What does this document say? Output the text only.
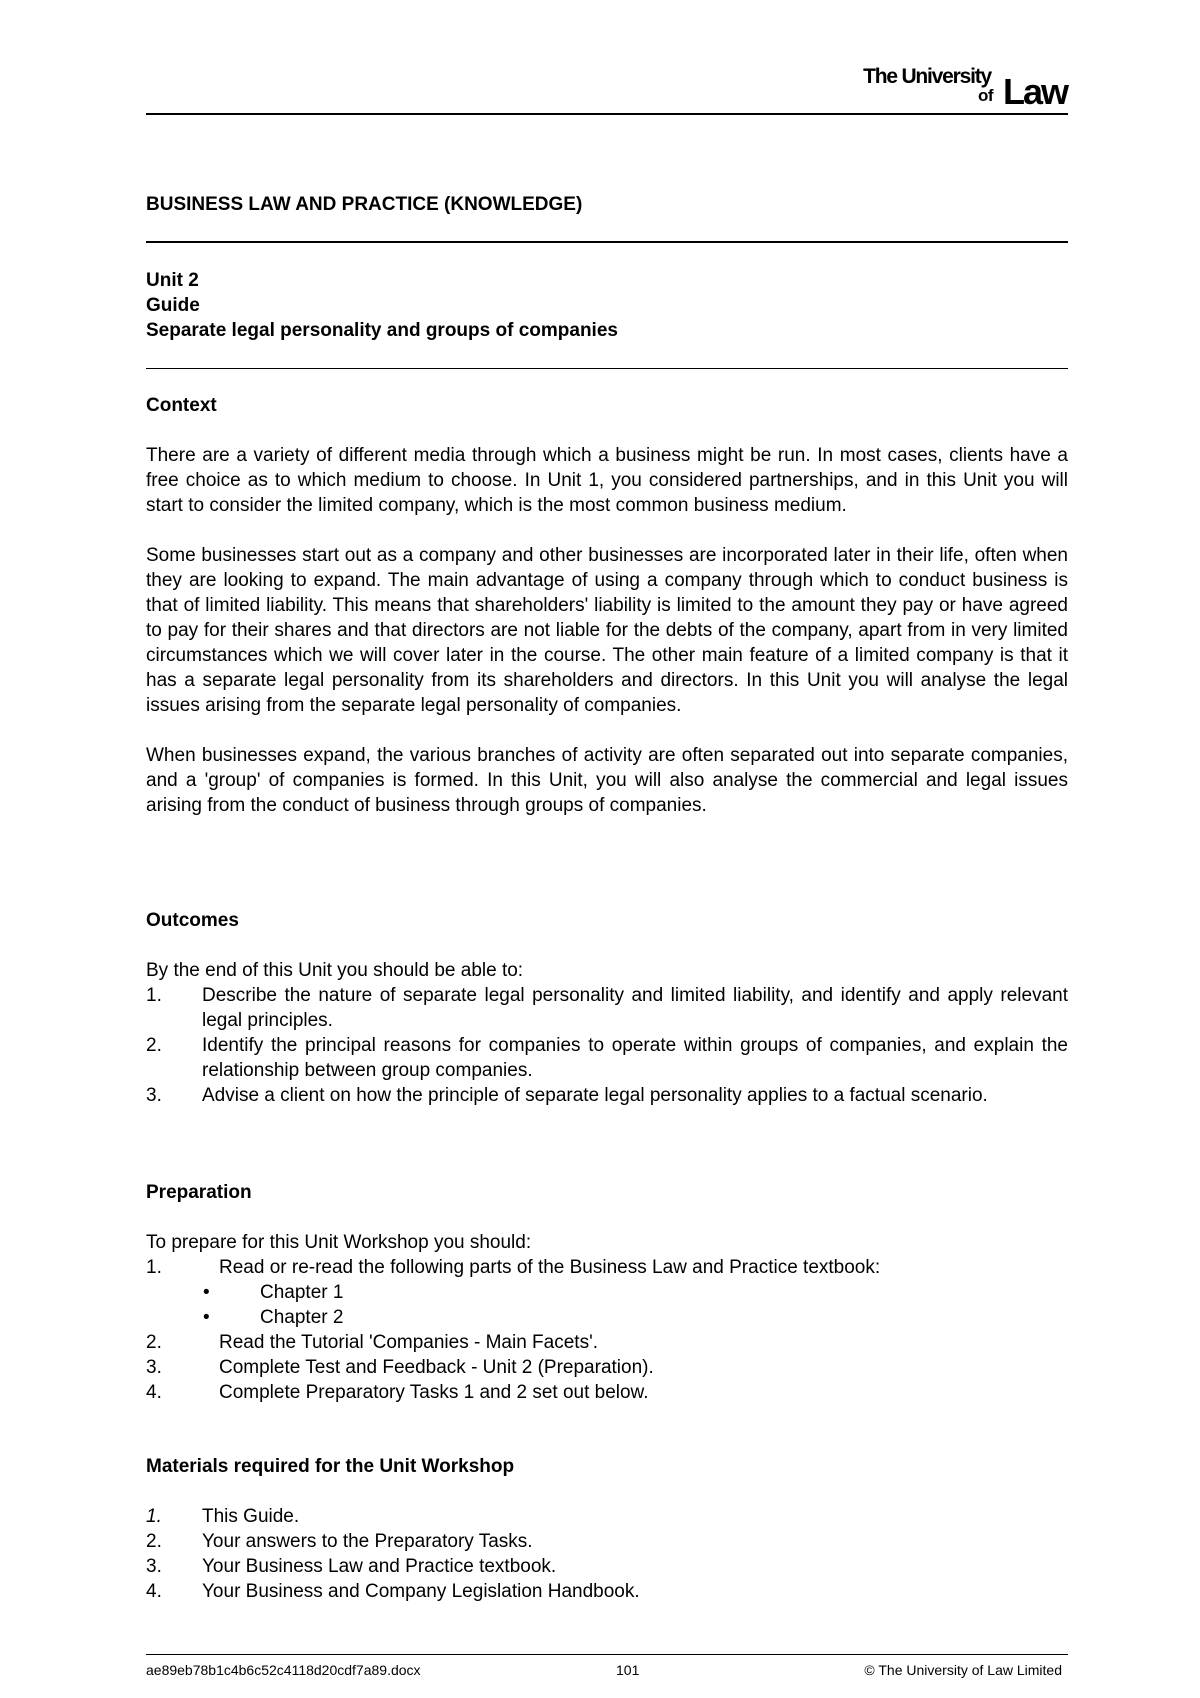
The University
of Law
BUSINESS LAW AND PRACTICE (KNOWLEDGE)
Unit 2
Guide
Separate legal personality and groups of companies
Context

There are a variety of different media through which a business might be run. In most cases, clients have a free choice as to which medium to choose. In Unit 1, you considered partnerships, and in this Unit you will start to consider the limited company, which is the most common business medium.

Some businesses start out as a company and other businesses are incorporated later in their life, often when they are looking to expand. The main advantage of using a company through which to conduct business is that of limited liability. This means that shareholders' liability is limited to the amount they pay or have agreed to pay for their shares and that directors are not liable for the debts of the company, apart from in very limited circumstances which we will cover later in the course. The other main feature of a limited company is that it has a separate legal personality from its shareholders and directors. In this Unit you will analyse the legal issues arising from the separate legal personality of companies.

When businesses expand, the various branches of activity are often separated out into separate companies, and a 'group' of companies is formed. In this Unit, you will also analyse the commercial and legal issues arising from the conduct of business through groups of companies.

Outcomes
By the end of this Unit you should be able to:
1. Describe the nature of separate legal personality and limited liability, and identify and apply relevant legal principles.
2. Identify the principal reasons for companies to operate within groups of companies, and explain the relationship between group companies.
3. Advise a client on how the principle of separate legal personality applies to a factual scenario.
Preparation
To prepare for this Unit Workshop you should:
1.	Read or re-read the following parts of the Business Law and Practice textbook:
•	Chapter 1
•	Chapter 2
2.	Read the Tutorial 'Companies - Main Facets'.
3.	Complete Test and Feedback - Unit 2 (Preparation).
4.	Complete Preparatory Tasks 1 and 2 set out below.
Materials required for the Unit Workshop
1. This Guide.
2. Your answers to the Preparatory Tasks.
3. Your Business Law and Practice textbook.
4. Your Business and Company Legislation Handbook.
ae89eb78b1c4b6c52c4118d20cdf7a89.docx	101	© The University of Law Limited
